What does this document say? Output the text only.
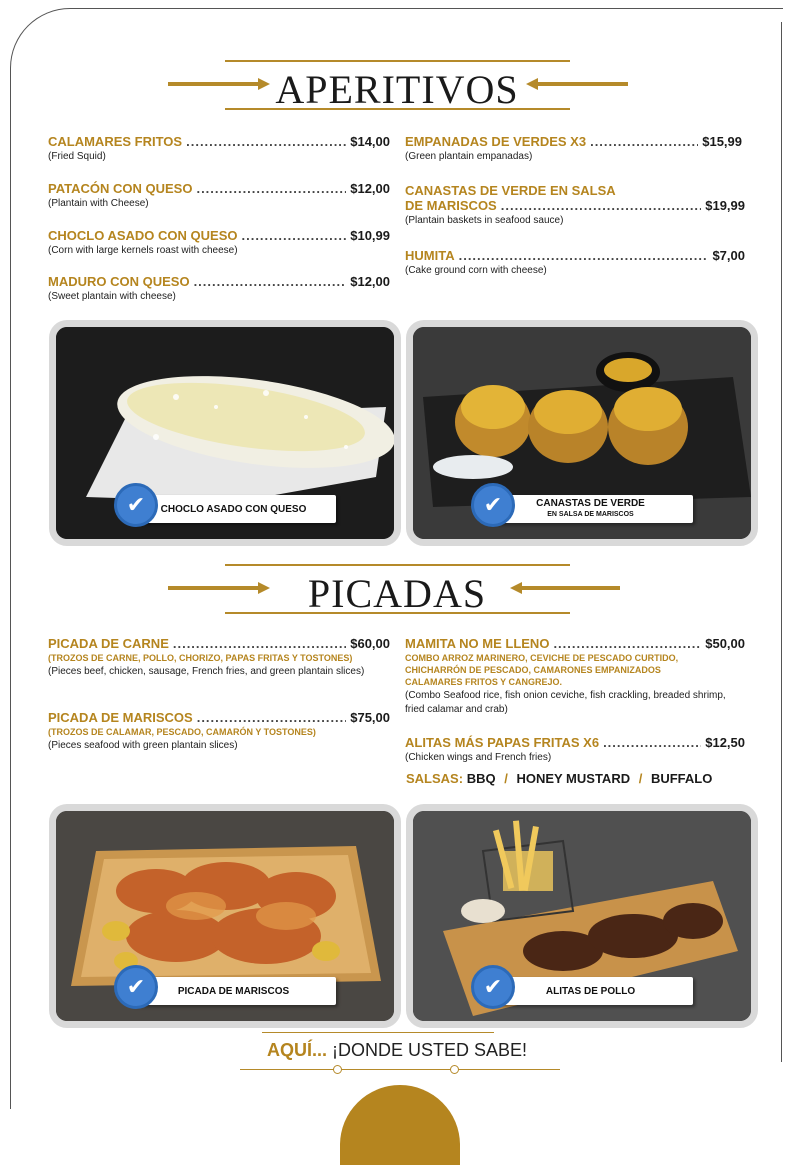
APERITIVOS
CALAMARES FRITOS .....	$14,00
(Fried Squid)
PATACÓN CON QUESO .....	$12,00
(Plantain with Cheese)
CHOCLO ASADO CON QUESO .....	$10,99
(Corn with large kernels roast with cheese)
MADURO CON QUESO .....	$12,00
(Sweet plantain with cheese)
EMPANADAS DE VERDES X3 .....	$15,99
(Green plantain empanadas)
CANASTAS DE VERDE EN SALSA
DE MARISCOS .....	$19,99
(Plantain baskets in seafood sauce)
HUMITA .....	$7,00
(Cake ground corn with cheese)
✔	CHOCLO ASADO CON QUESO	✔	CANASTAS DE VERDE
EN SALSA DE MARISCOS
PICADAS
PICADA DE CARNE .....	$60,00
(TROZOS DE CARNE, POLLO, CHORIZO, PAPAS FRITAS Y TOSTONES)
(Pieces beef, chicken, sausage, French fries, and green plantain slices)
PICADA DE MARISCOS .....	$75,00
(TROZOS DE CALAMAR, PESCADO, CAMARÓN Y TOSTONES)
(Pieces seafood with green plantain slices)
MAMITA NO ME LLENO .....	$50,00
COMBO ARROZ MARINERO, CEVICHE DE PESCADO CURTIDO, CHICHARRÓN DE PESCADO, CAMARONES EMPANIZADOS CALAMARES FRITOS Y CANGREJO.
(Combo Seafood rice, fish onion ceviche, fish crackling, breaded shrimp, fried calamar and crab)
ALITAS MÁS PAPAS FRITAS X6 .....	$12,50
(Chicken wings and French fries)
SALSAS: BBQ / HONEY MUSTARD / BUFFALO
✔	PICADA DE MARISCOS	✔	ALITAS DE POLLO
AQUÍ... ¡DONDE USTED SABE!
